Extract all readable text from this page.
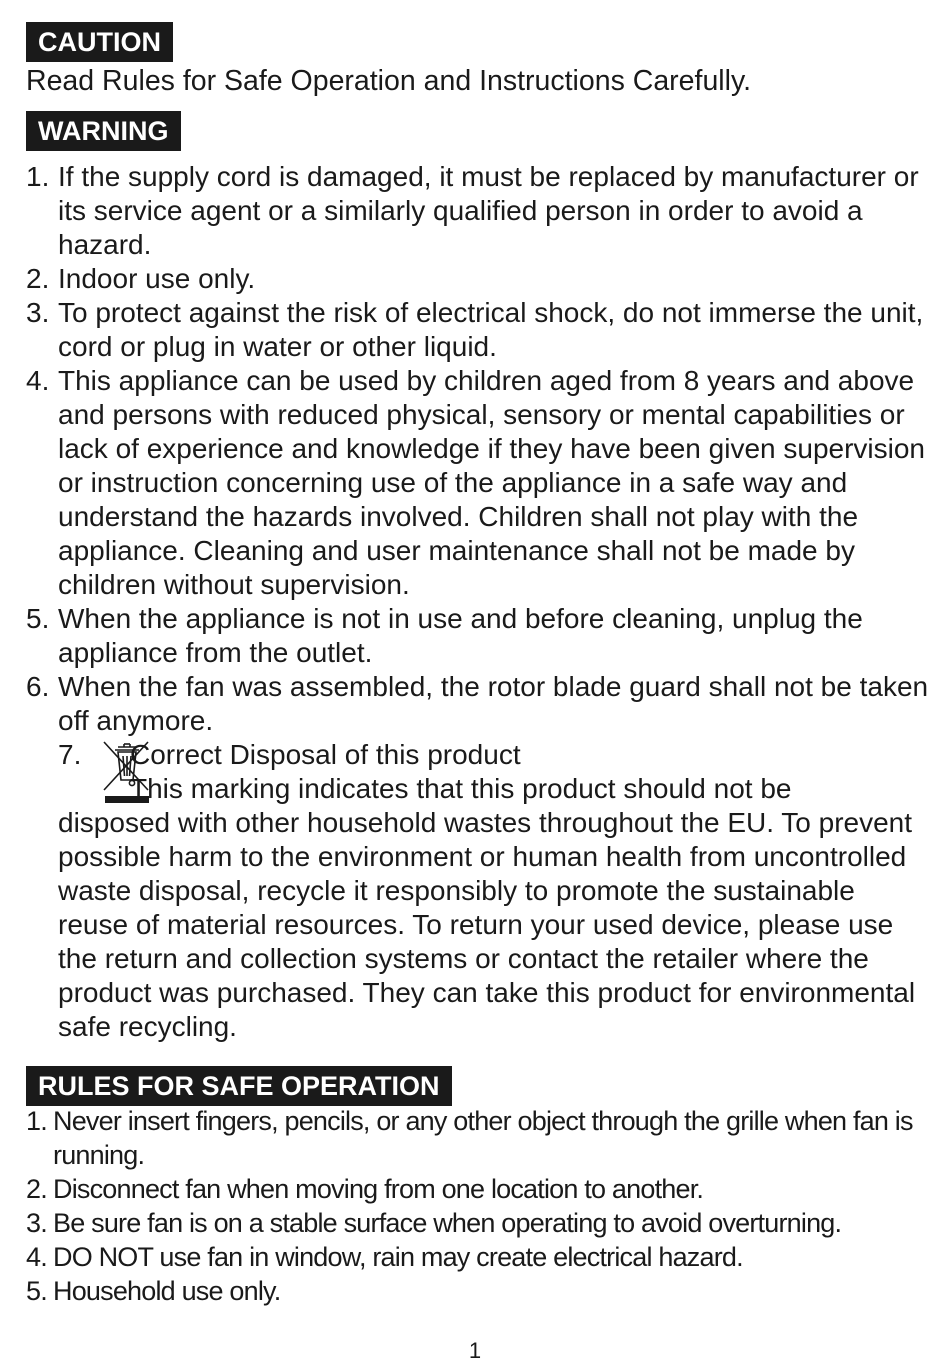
CAUTION
Read Rules for Safe Operation and Instructions Carefully.
WARNING
1. If the supply cord is damaged, it must be replaced by manufacturer or its service agent or a similarly qualified person in order to avoid a hazard.
2. Indoor use only.
3. To protect against the risk of electrical shock, do not immerse the unit, cord or plug in water or other liquid.
4. This appliance can be used by children aged from 8 years and above and persons with reduced physical, sensory or mental capabilities or lack of experience and knowledge if they have been given supervision or instruction concerning use of the appliance in a safe way and understand the hazards involved. Children shall not play with the appliance. Cleaning and user maintenance shall not be made by children without supervision.
5. When the appliance is not in use and before cleaning, unplug the appliance from the outlet.
6. When the fan was assembled, the rotor blade guard shall not be taken off anymore.
7. Correct Disposal of this product
This marking indicates that this product should not be
disposed with other household wastes throughout the EU. To prevent possible harm to the environment or human health from uncontrolled waste disposal, recycle it responsibly to promote the sustainable reuse of material resources. To return your used device, please use the return and collection systems or contact the retailer where the product was purchased. They can take this product for environmental safe recycling.
RULES FOR SAFE OPERATION
1. Never insert fingers, pencils, or any other object through the grille when fan is running.
2. Disconnect fan when moving from one location to another.
3. Be sure fan is on a stable surface when operating to avoid overturning.
4. DO NOT use fan in window, rain may create electrical hazard.
5. Household use only.
1
